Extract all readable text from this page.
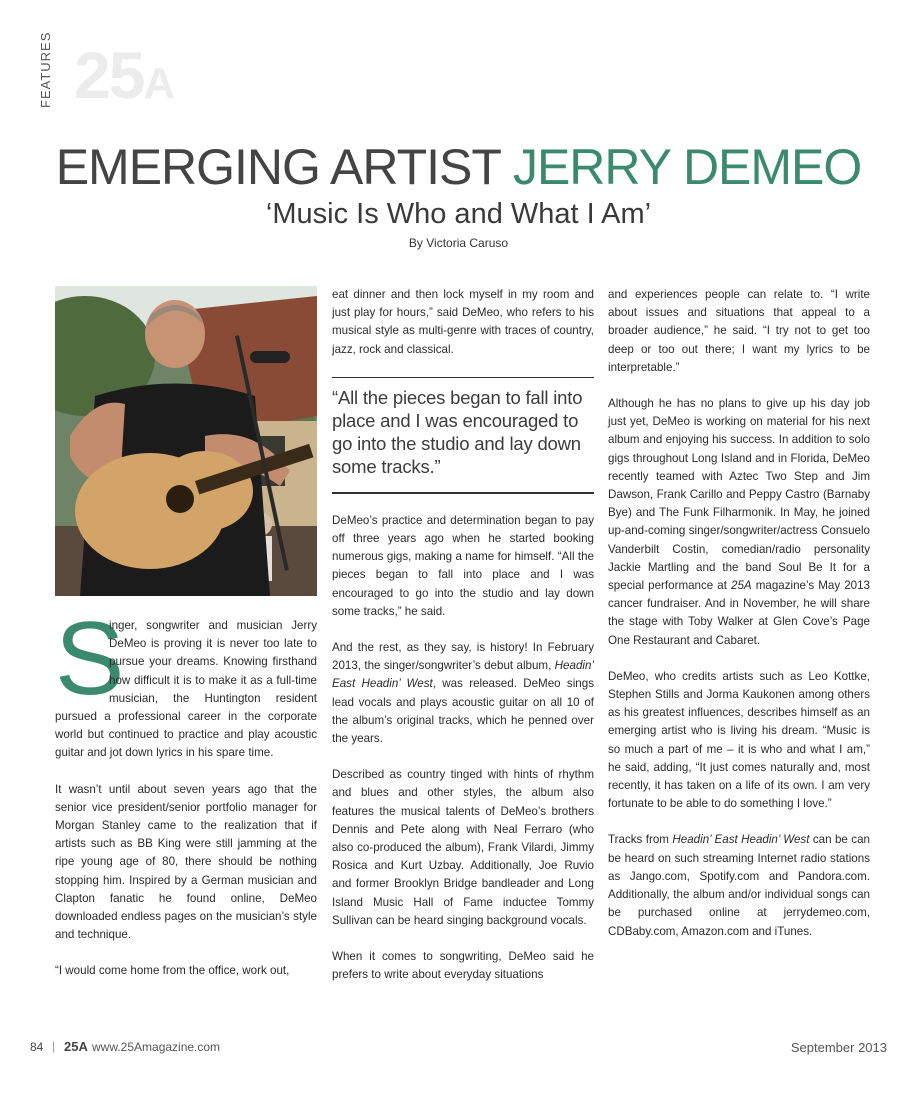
FEATURES 25A
EMERGING ARTIST JERRY DEMEO
‘Music Is Who and What I Am’
By Victoria Caruso

S
inger, songwriter and musician Jerry DeMeo is proving it is never too late to pursue your dreams. Knowing firsthand how difficult it is to make it as a full-time musician, the Huntington resident pursued a professional career in the corporate world but continued to practice and play acoustic guitar and jot down lyrics in his spare time.

It wasn’t until about seven years ago that the senior vice president/senior portfolio manager for Morgan Stanley came to the realization that if artists such as BB King were still jamming at the ripe young age of 80, there should be nothing stopping him. Inspired by a German musician and Clapton fanatic he found online, DeMeo downloaded endless pages on the musician’s style and technique.

“I would come home from the office, work out,

eat dinner and then lock myself in my room and just play for hours,” said DeMeo, who refers to his musical style as multi-genre with traces of country, jazz, rock and classical.

“All the pieces began to fall into place and I was encouraged to go into the studio and lay down some tracks.”

DeMeo’s practice and determination began to pay off three years ago when he started booking numerous gigs, making a name for himself. “All the pieces began to fall into place and I was encouraged to go into the studio and lay down some tracks,” he said.

And the rest, as they say, is history! In February 2013, the singer/songwriter’s debut album, Headin’ East Headin’ West, was released. DeMeo sings lead vocals and plays acoustic guitar on all 10 of the album’s original tracks, which he penned over the years.

Described as country tinged with hints of rhythm and blues and other styles, the album also features the musical talents of DeMeo’s brothers Dennis and Pete along with Neal Ferraro (who also co-produced the album), Frank Vilardi, Jimmy Rosica and Kurt Uzbay. Additionally, Joe Ruvio and former Brooklyn Bridge bandleader and Long Island Music Hall of Fame inductee Tommy Sullivan can be heard singing background vocals.

When it comes to songwriting, DeMeo said he prefers to write about everyday situations

and experiences people can relate to. “I write about issues and situations that appeal to a broader audience,” he said. “I try not to get too deep or too out there; I want my lyrics to be interpretable.”

Although he has no plans to give up his day job just yet, DeMeo is working on material for his next album and enjoying his success. In addition to solo gigs throughout Long Island and in Florida, DeMeo recently teamed with Aztec Two Step and Jim Dawson, Frank Carillo and Peppy Castro (Barnaby Bye) and The Funk Filharmonik. In May, he joined up-and-coming singer/songwriter/actress Consuelo Vanderbilt Costin, comedian/radio personality Jackie Martling and the band Soul Be It for a special performance at 25A magazine’s May 2013 cancer fundraiser. And in November, he will share the stage with Toby Walker at Glen Cove’s Page One Restaurant and Cabaret.

DeMeo, who credits artists such as Leo Kottke, Stephen Stills and Jorma Kaukonen among others as his greatest influences, describes himself as an emerging artist who is living his dream. “Music is so much a part of me – it is who and what I am,” he said, adding, “It just comes naturally and, most recently, it has taken on a life of its own. I am very fortunate to be able to do something I love.”

Tracks from Headin’ East Headin’ West can be can be heard on such streaming Internet radio stations as Jango.com, Spotify.com and Pandora.com. Additionally, the album and/or individual songs can be purchased online at jerrydemeo.com, CDBaby.com, Amazon.com and iTunes.

84 | 25A www.25Amagazine.com	September 2013
